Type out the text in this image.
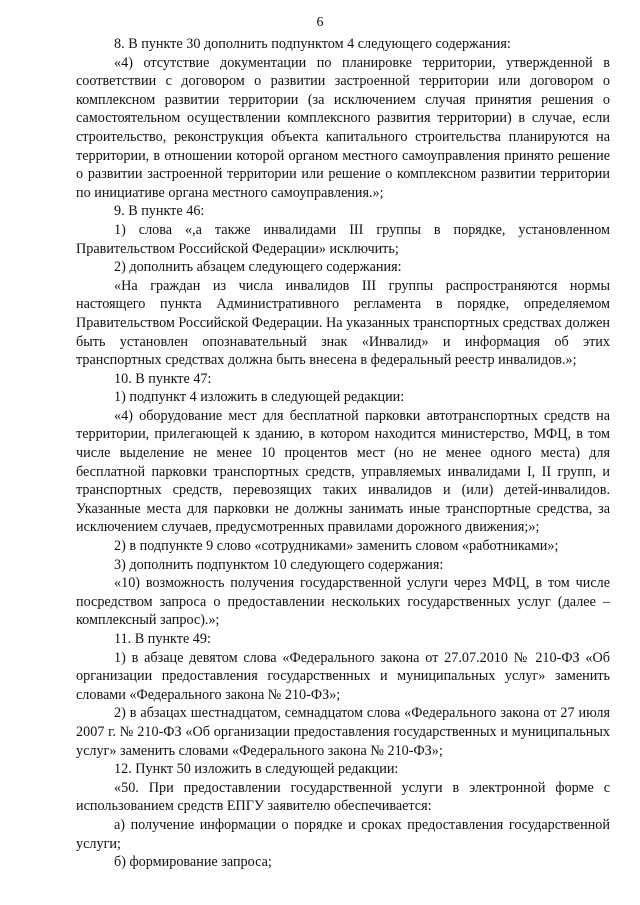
6

8. В пункте 30 дополнить подпунктом 4 следующего содержания:

«4) отсутствие документации по планировке территории, утвержденной в соответствии с договором о развитии застроенной территории или договором о комплексном развитии территории (за исключением случая принятия решения о самостоятельном осуществлении комплексного развития территории) в случае, если строительство, реконструкция объекта капитального строительства планируются на территории, в отношении которой органом местного самоуправления принято решение о развитии застроенной территории или решение о комплексном развитии территории по инициативе органа местного самоуправления.»;

9. В пункте 46:

1) слова «,а также инвалидами III группы в порядке, установленном Правительством Российской Федерации» исключить;

2) дополнить абзацем следующего содержания:

«На граждан из числа инвалидов III группы распространяются нормы настоящего пункта Административного регламента в порядке, определяемом Правительством Российской Федерации. На указанных транспортных средствах должен быть установлен опознавательный знак «Инвалид» и информация об этих транспортных средствах должна быть внесена в федеральный реестр инвалидов.»;

10. В пункте 47:

1) подпункт 4 изложить в следующей редакции:

«4) оборудование мест для бесплатной парковки автотранспортных средств на территории, прилегающей к зданию, в котором находится министерство, МФЦ, в том числе выделение не менее 10 процентов мест (но не менее одного места) для бесплатной парковки транспортных средств, управляемых инвалидами I, II групп, и транспортных средств, перевозящих таких инвалидов и (или) детей-инвалидов. Указанные места для парковки не должны занимать иные транспортные средства, за исключением случаев, предусмотренных правилами дорожного движения;»;

2) в подпункте 9 слово «сотрудниками» заменить словом «работниками»;

3) дополнить подпунктом 10 следующего содержания:

«10) возможность получения государственной услуги через МФЦ, в том числе посредством запроса о предоставлении нескольких государственных услуг (далее – комплексный запрос).»;

11. В пункте 49:

1) в абзаце девятом слова «Федерального закона от 27.07.2010 № 210-ФЗ «Об организации предоставления государственных и муниципальных услуг» заменить словами «Федерального закона № 210-ФЗ»;

2) в абзацах шестнадцатом, семнадцатом слова «Федерального закона от 27 июля 2007 г. № 210-ФЗ «Об организации предоставления государственных и муниципальных услуг» заменить словами «Федерального закона № 210-ФЗ»;

12. Пункт 50 изложить в следующей редакции:

«50. При предоставлении государственной услуги в электронной форме с использованием средств ЕПГУ заявителю обеспечивается:

а) получение информации о порядке и сроках предоставления государственной услуги;

б) формирование запроса;
